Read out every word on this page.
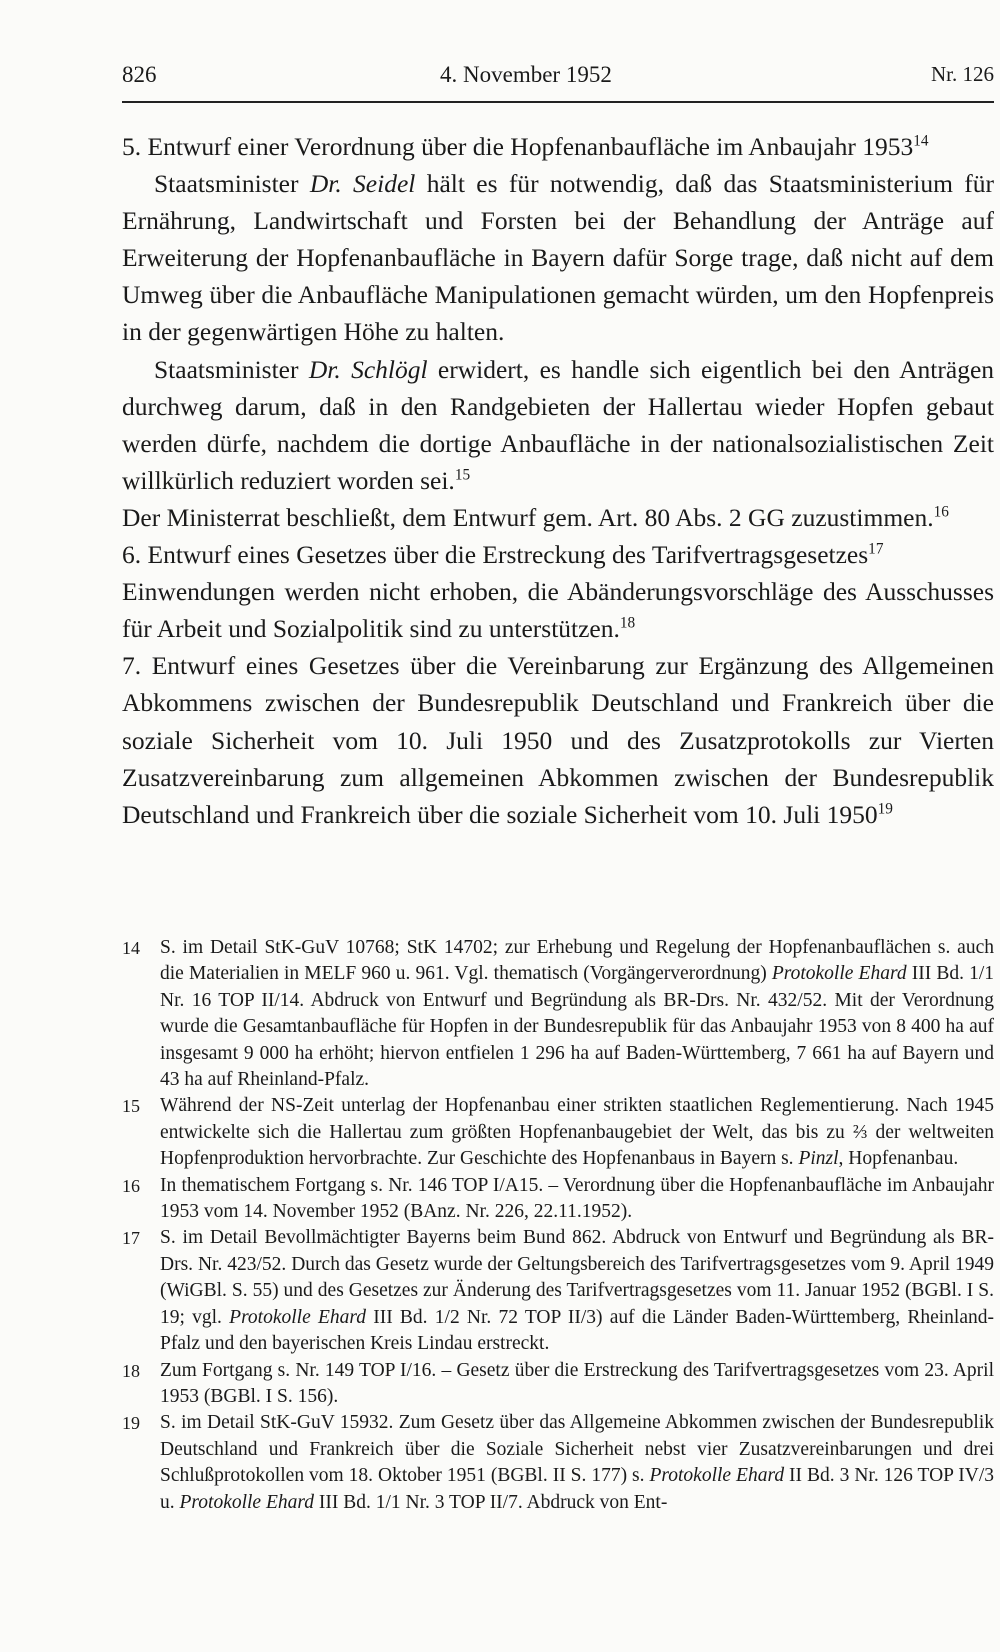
826	4. November 1952	Nr. 126

5. Entwurf einer Verordnung über die Hopfenanbaufläche im Anbaujahr 1953$^{14}$

Staatsminister Dr. Seidel hält es für notwendig, daß das Staatsministerium für Ernährung, Landwirtschaft und Forsten bei der Behandlung der Anträge auf Erweiterung der Hopfenanbaufläche in Bayern dafür Sorge trage, daß nicht auf dem Umweg über die Anbaufläche Manipulationen gemacht würden, um den Hopfenpreis in der gegenwärtigen Höhe zu halten.

Staatsminister Dr. Schlögl erwidert, es handle sich eigentlich bei den Anträgen durchweg darum, daß in den Randgebieten der Hallertau wieder Hopfen gebaut werden dürfe, nachdem die dortige Anbaufläche in der nationalsozialistischen Zeit willkürlich reduziert worden sei.$^{15}$

Der Ministerrat beschließt, dem Entwurf gem. Art. 80 Abs. 2 GG zuzustimmen.$^{16}$

6. Entwurf eines Gesetzes über die Erstreckung des Tarifvertragsgesetzes$^{17}$

Einwendungen werden nicht erhoben, die Abänderungsvorschläge des Ausschusses für Arbeit und Sozialpolitik sind zu unterstützen.$^{18}$

7. Entwurf eines Gesetzes über die Vereinbarung zur Ergänzung des Allgemeinen Abkommens zwischen der Bundesrepublik Deutschland und Frankreich über die soziale Sicherheit vom 10. Juli 1950 und des Zusatzprotokolls zur Vierten Zusatzvereinbarung zum allgemeinen Abkommen zwischen der Bundesrepublik Deutschland und Frankreich über die soziale Sicherheit vom 10. Juli 1950$^{19}$

14 S. im Detail StK-GuV 10768; StK 14702; zur Erhebung und Regelung der Hopfenanbauflächen s. auch die Materialien in MELF 960 u. 961. Vgl. thematisch (Vorgängerverordnung) Protokolle Ehard III Bd. 1/1 Nr. 16 TOP II/14. Abdruck von Entwurf und Begründung als BR-Drs. Nr. 432/52. Mit der Verordnung wurde die Gesamtanbaufläche für Hopfen in der Bundesrepublik für das Anbaujahr 1953 von 8 400 ha auf insgesamt 9 000 ha erhöht; hiervon entfielen 1 296 ha auf Baden-Württemberg, 7 661 ha auf Bayern und 43 ha auf Rheinland-Pfalz.
15 Während der NS-Zeit unterlag der Hopfenanbau einer strikten staatlichen Reglementierung. Nach 1945 entwickelte sich die Hallertau zum größten Hopfenanbaugebiet der Welt, das bis zu ⅔ der weltweiten Hopfenproduktion hervorbrachte. Zur Geschichte des Hopfenanbaus in Bayern s. Pinzl, Hopfenanbau.
16 In thematischem Fortgang s. Nr. 146 TOP I/A15. – Verordnung über die Hopfenanbaufläche im Anbaujahr 1953 vom 14. November 1952 (BAnz. Nr. 226, 22.11.1952).
17 S. im Detail Bevollmächtigter Bayerns beim Bund 862. Abdruck von Entwurf und Begründung als BR-Drs. Nr. 423/52. Durch das Gesetz wurde der Geltungsbereich des Tarifvertragsgesetzes vom 9. April 1949 (WiGBl. S. 55) und des Gesetzes zur Änderung des Tarifvertragsgesetzes vom 11. Januar 1952 (BGBl. I S. 19; vgl. Protokolle Ehard III Bd. 1/2 Nr. 72 TOP II/3) auf die Länder Baden-Württemberg, Rheinland-Pfalz und den bayerischen Kreis Lindau erstreckt.
18 Zum Fortgang s. Nr. 149 TOP I/16. – Gesetz über die Erstreckung des Tarifvertragsgesetzes vom 23. April 1953 (BGBl. I S. 156).
19 S. im Detail StK-GuV 15932. Zum Gesetz über das Allgemeine Abkommen zwischen der Bundesrepublik Deutschland und Frankreich über die Soziale Sicherheit nebst vier Zusatzvereinbarungen und drei Schlußprotokollen vom 18. Oktober 1951 (BGBl. II S. 177) s. Protokolle Ehard II Bd. 3 Nr. 126 TOP IV/3 u. Protokolle Ehard III Bd. 1/1 Nr. 3 TOP II/7. Abdruck von Ent-
